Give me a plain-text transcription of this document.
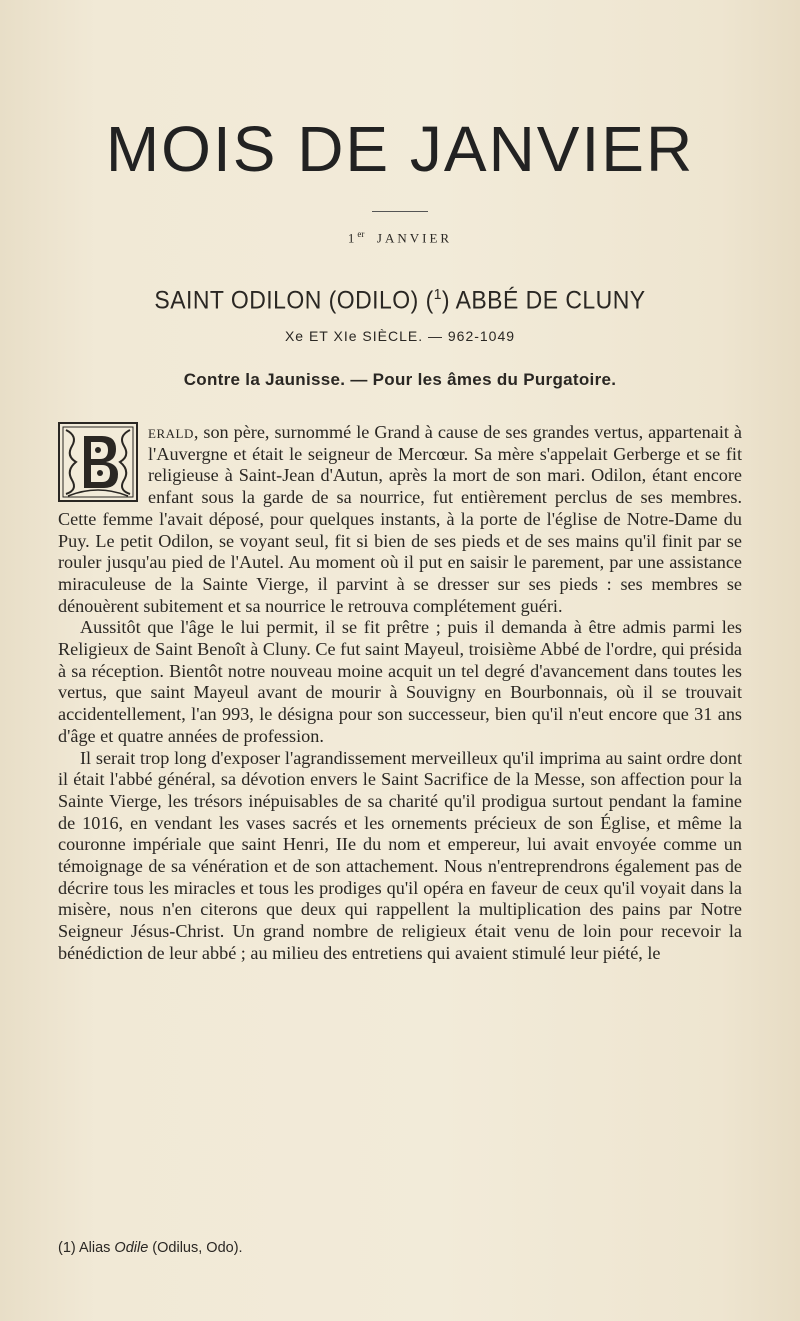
MOIS DE JANVIER
1er JANVIER
SAINT ODILON (ODILO) ($^1$) ABBÉ DE CLUNY
Xe ET XIe SIÈCLE. — 962-1049
Contre la Jaunisse. — Pour les âmes du Purgatoire.

erald, son père, surnommé le Grand à cause de ses grandes vertus, appartenait à l'Auvergne et était le seigneur de Mercœur. Sa mère s'appelait Gerberge et se fit religieuse à Saint-Jean d'Autun, après la mort de son mari. Odilon, étant encore enfant sous la garde de sa nourrice, fut entièrement perclus de ses membres. Cette femme l'avait déposé, pour quelques instants, à la porte de l'église de Notre-Dame du Puy. Le petit Odilon, se voyant seul, fit si bien de ses pieds et de ses mains qu'il finit par se rouler jusqu'au pied de l'Autel. Au moment où il put en saisir le parement, par une assistance miraculeuse de la Sainte Vierge, il parvint à se dresser sur ses pieds : ses membres se dénouèrent subitement et sa nourrice le retrouva complétement guéri.

Aussitôt que l'âge le lui permit, il se fit prêtre ; puis il demanda à être admis parmi les Religieux de Saint Benoît à Cluny. Ce fut saint Mayeul, troisième Abbé de l'ordre, qui présida à sa réception. Bientôt notre nouveau moine acquit un tel degré d'avancement dans toutes les vertus, que saint Mayeul avant de mourir à Souvigny en Bourbonnais, où il se trouvait accidentellement, l'an 993, le désigna pour son successeur, bien qu'il n'eut encore que 31 ans d'âge et quatre années de profession.

Il serait trop long d'exposer l'agrandissement merveilleux qu'il imprima au saint ordre dont il était l'abbé général, sa dévotion envers le Saint Sacrifice de la Messe, son affection pour la Sainte Vierge, les trésors inépuisables de sa charité qu'il prodigua surtout pendant la famine de 1016, en vendant les vases sacrés et les ornements précieux de son Église, et même la couronne impériale que saint Henri, IIe du nom et empereur, lui avait envoyée comme un témoignage de sa vénération et de son attachement. Nous n'entreprendrons également pas de décrire tous les miracles et tous les prodiges qu'il opéra en faveur de ceux qu'il voyait dans la misère, nous n'en citerons que deux qui rappellent la multiplication des pains par Notre Seigneur Jésus-Christ. Un grand nombre de religieux était venu de loin pour recevoir la bénédiction de leur abbé ; au milieu des entretiens qui avaient stimulé leur piété, le

(1) Alias Odile (Odilus, Odo).
